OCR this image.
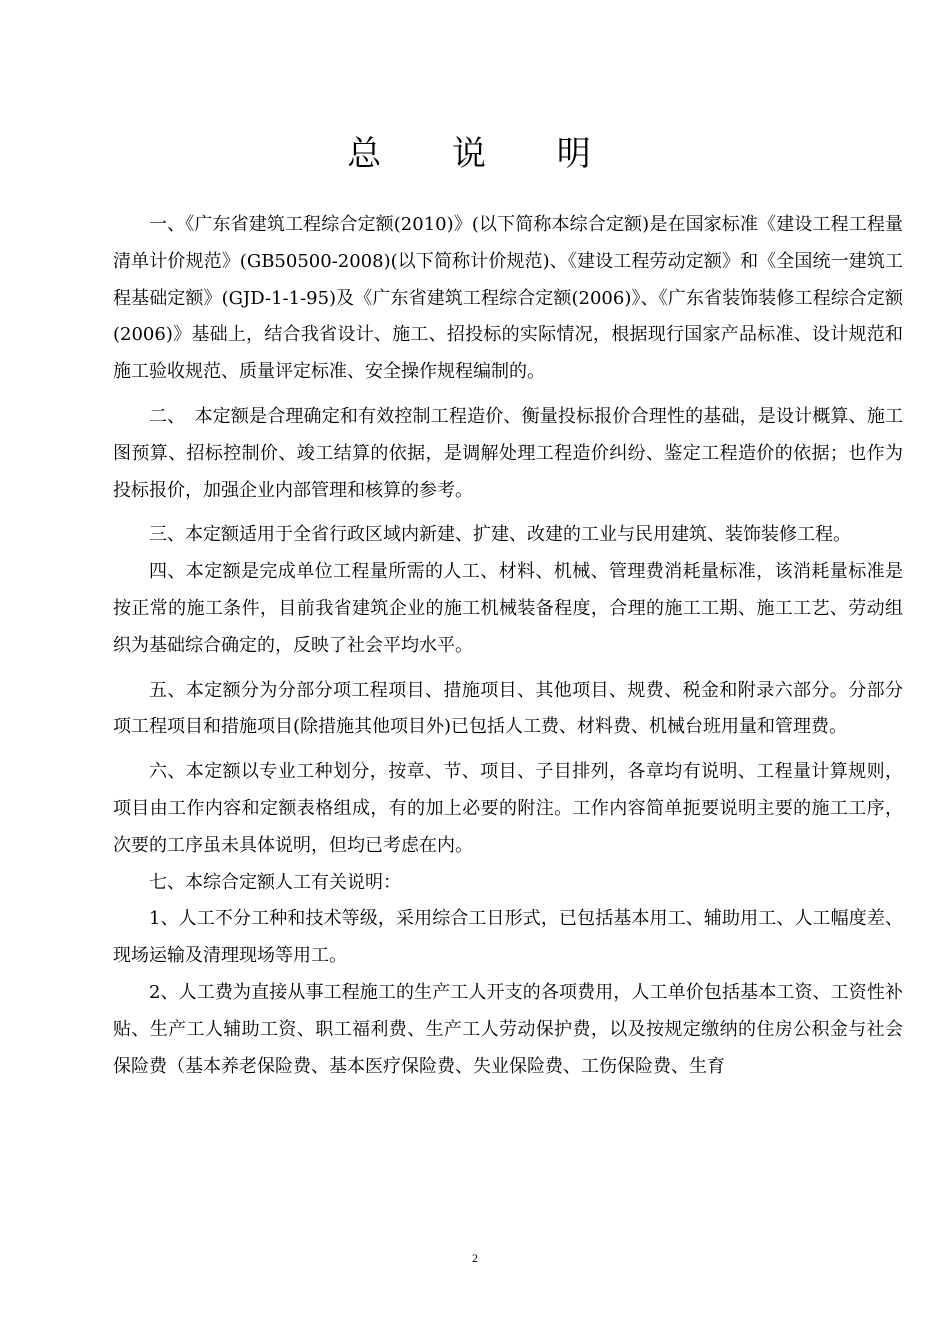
总 说 明

一、《广东省建筑工程综合定额(2010)》(以下简称本综合定额)是在国家标准《建设工程工程量清单计价规范》(GB50500-2008)(以下简称计价规范)、《建设工程劳动定额》和《全国统一建筑工程基础定额》(GJD-1-1-95)及《广东省建筑工程综合定额(2006)》、《广东省装饰装修工程综合定额(2006)》基础上，结合我省设计、施工、招投标的实际情况，根据现行国家产品标准、设计规范和施工验收规范、质量评定标准、安全操作规程编制的。

二、　本定额是合理确定和有效控制工程造价、衡量投标报价合理性的基础，是设计概算、施工图预算、招标控制价、竣工结算的依据，是调解处理工程造价纠纷、鉴定工程造价的依据；也作为投标报价，加强企业内部管理和核算的参考。

三、本定额适用于全省行政区域内新建、扩建、改建的工业与民用建筑、装饰装修工程。

四、本定额是完成单位工程量所需的人工、材料、机械、管理费消耗量标准，该消耗量标准是按正常的施工条件，目前我省建筑企业的施工机械装备程度，合理的施工工期、施工工艺、劳动组织为基础综合确定的，反映了社会平均水平。

五、本定额分为分部分项工程项目、措施项目、其他项目、规费、税金和附录六部分。分部分项工程项目和措施项目(除措施其他项目外)已包括人工费、材料费、机械台班用量和管理费。

六、本定额以专业工种划分，按章、节、项目、子目排列，各章均有说明、工程量计算规则，项目由工作内容和定额表格组成，有的加上必要的附注。工作内容简单扼要说明主要的施工工序，次要的工序虽未具体说明，但均已考虑在内。

七、本综合定额人工有关说明：

1、人工不分工种和技术等级，采用综合工日形式，已包括基本用工、辅助用工、人工幅度差、现场运输及清理现场等用工。

2、人工费为直接从事工程施工的生产工人开支的各项费用，人工单价包括基本工资、工资性补贴、生产工人辅助工资、职工福利费、生产工人劳动保护费，以及按规定缴纳的住房公积金与社会保险费（基本养老保险费、基本医疗保险费、失业保险费、工伤保险费、生育

2
